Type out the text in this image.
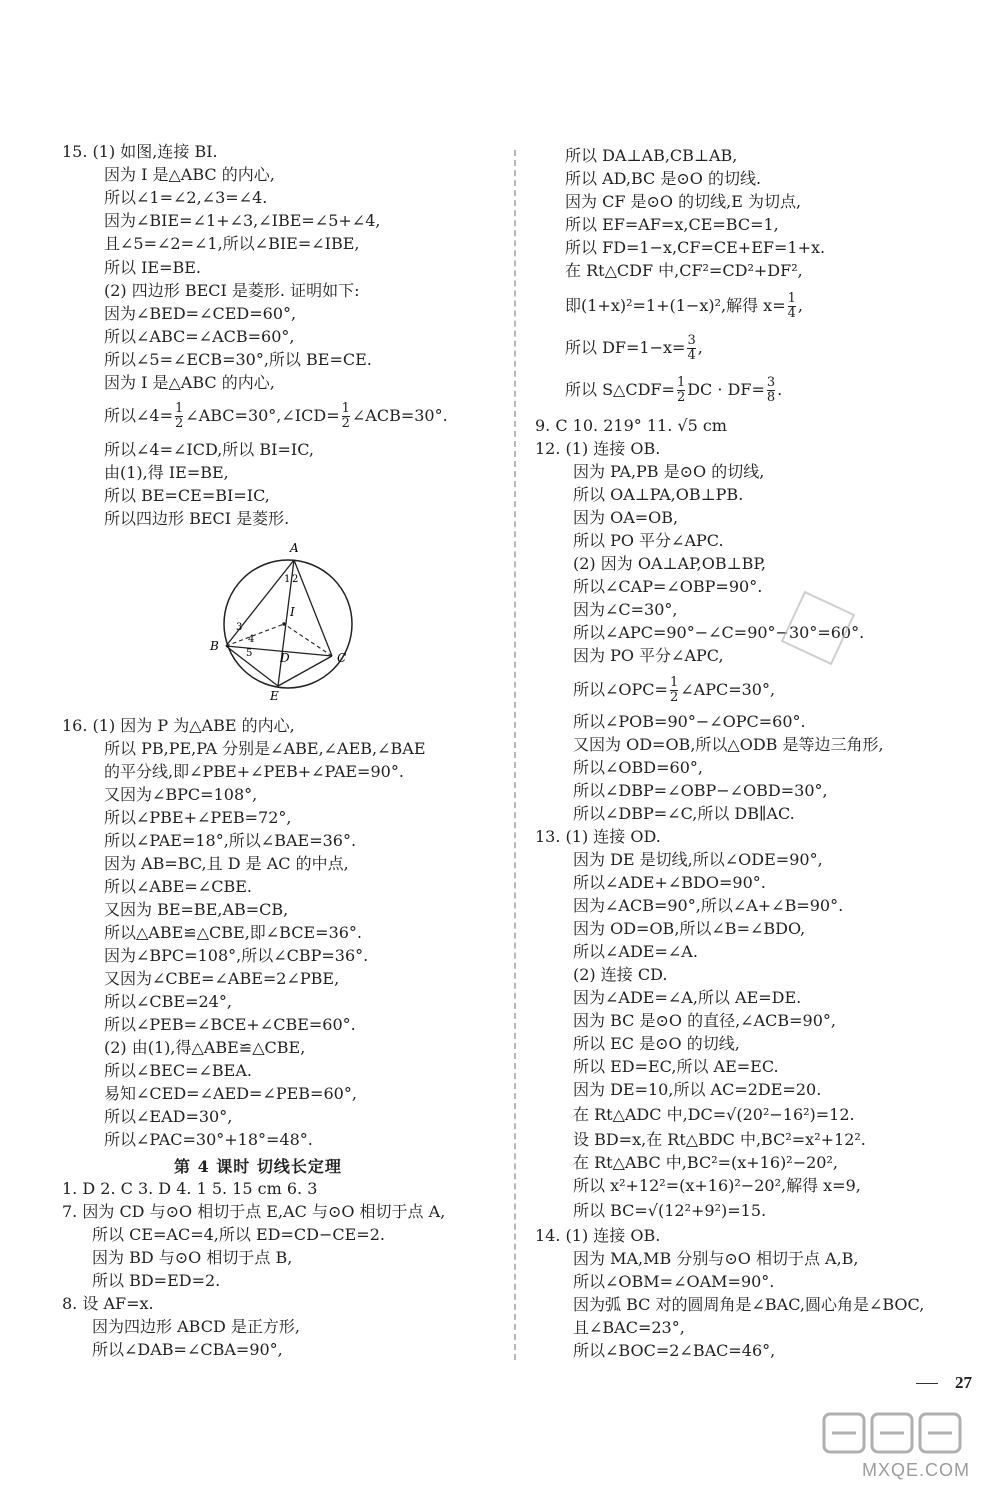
15. (1) 如图,连接 BI.
因为 I 是△ABC 的内心,
所以∠1=∠2,∠3=∠4.
因为∠BIE=∠1+∠3,∠IBE=∠5+∠4,
且∠5=∠2=∠1,所以∠BIE=∠IBE,
所以 IE=BE.
(2) 四边形 BECI 是菱形. 证明如下:
因为∠BED=∠CED=60°,
所以∠ABC=∠ACB=60°,
所以∠5=∠ECB=30°,所以 BE=CE.
因为 I 是△ABC 的内心,
所以∠4= $\frac{1}{2}$ ∠ABC=30°,∠ICD= $\frac{1}{2}$ ∠ACB=30°.
所以∠4=∠ICD,所以 BI=IC,
由(1),得 IE=BE,
所以 BE=CE=BI=IC,
所以四边形 BECI 是菱形.
16. (1) 因为 P 为△ABE 的内心,
所以 PB,PE,PA 分别是∠ABE,∠AEB,∠BAE
的平分线,即∠PBE+∠PEB+∠PAE=90°.
又因为∠BPC=108°,
所以∠PBE+∠PEB=72°,
所以∠PAE=18°,所以∠BAE=36°.
因为 AB=BC,且 D 是 AC 的中点,
所以∠ABE=∠CBE.
又因为 BE=BE,AB=CB,
所以△ABE≌△CBE,即∠BCE=36°.
因为∠BPC=108°,所以∠CBP=36°.
又因为∠CBE=∠ABE=2∠PBE,
所以∠CBE=24°,
所以∠PEB=∠BCE+∠CBE=60°.
(2) 由(1),得△ABE≌△CBE,
所以∠BEC=∠BEA.
易知∠CED=∠AED=∠PEB=60°,
所以∠EAD=30°,
所以∠PAC=30°+18°=48°.
第 4 课时 切线长定理
1. D 2. C 3. D 4. 1 5. 15 cm 6. 3
7. 因为 CD 与⊙O 相切于点 E,AC 与⊙O 相切于点 A,
所以 CE=AC=4,所以 ED=CD−CE=2.
因为 BD 与⊙O 相切于点 B,
所以 BD=ED=2.
8. 设 AF=x.
因为四边形 ABCD 是正方形,
所以∠DAB=∠CBA=90°,
A
B
C
D
E
I
1 2
3
4
5
所以 DA⊥AB,CB⊥AB,
所以 AD,BC 是⊙O 的切线.
因为 CF 是⊙O 的切线,E 为切点,
所以 EF=AF=x,CE=BC=1,
所以 FD=1−x,CF=CE+EF=1+x.
在 Rt△CDF 中,CF²=CD²+DF²,
即(1+x)²=1+(1−x)²,解得 $x= \frac{1}{4}$ ,
所以 $DF=1-x= \frac{3}{4}$ ,
所以 S△CDF= $\frac{1}{2}$ DC · $DF= \frac{3}{8}$ .
9. C 10. 219° 11. √5 cm
12. (1) 连接 OB.
因为 PA,PB 是⊙O 的切线,
所以 OA⊥PA,OB⊥PB.
因为 OA=OB,
所以 PO 平分∠APC.
(2) 因为 OA⊥AP,OB⊥BP,
所以∠CAP=∠OBP=90°.
因为∠C=30°,
所以∠APC=90°−∠C=90°−30°=60°.
因为 PO 平分∠APC,
所以∠OPC= $\frac{1}{2}$ ∠APC=30°,
所以∠POB=90°−∠OPC=60°.
又因为 OD=OB,所以△ODB 是等边三角形,
所以∠OBD=60°,
所以∠DBP=∠OBP−∠OBD=30°,
所以∠DBP=∠C,所以 DB∥AC.
13. (1) 连接 OD.
因为 DE 是切线,所以∠ODE=90°,
所以∠ADE+∠BDO=90°.
因为∠ACB=90°,所以∠A+∠B=90°.
因为 OD=OB,所以∠B=∠BDO,
所以∠ADE=∠A.
(2) 连接 CD.
因为∠ADE=∠A,所以 AE=DE.
因为 BC 是⊙O 的直径,∠ACB=90°,
所以 EC 是⊙O 的切线,
所以 ED=EC,所以 AE=EC.
因为 DE=10,所以 AC=2DE=20.
在 Rt△ADC 中,DC=√(20²−16²)=12.
设 BD=x,在 Rt△BDC 中,BC²=x²+12².
在 Rt△ABC 中,BC²=(x+16)²−20²,
所以 x²+12²=(x+16)²−20²,解得 x=9,
所以 BC=√(12²+9²)=15.
14. (1) 连接 OB.
因为 MA,MB 分别与⊙O 相切于点 A,B,
所以∠OBM=∠OAM=90°.
因为弧 BC 对的圆周角是∠BAC,圆心角是∠BOC,
且∠BAC=23°,
所以∠BOC=2∠BAC=46°,
27
MXQE.COM
